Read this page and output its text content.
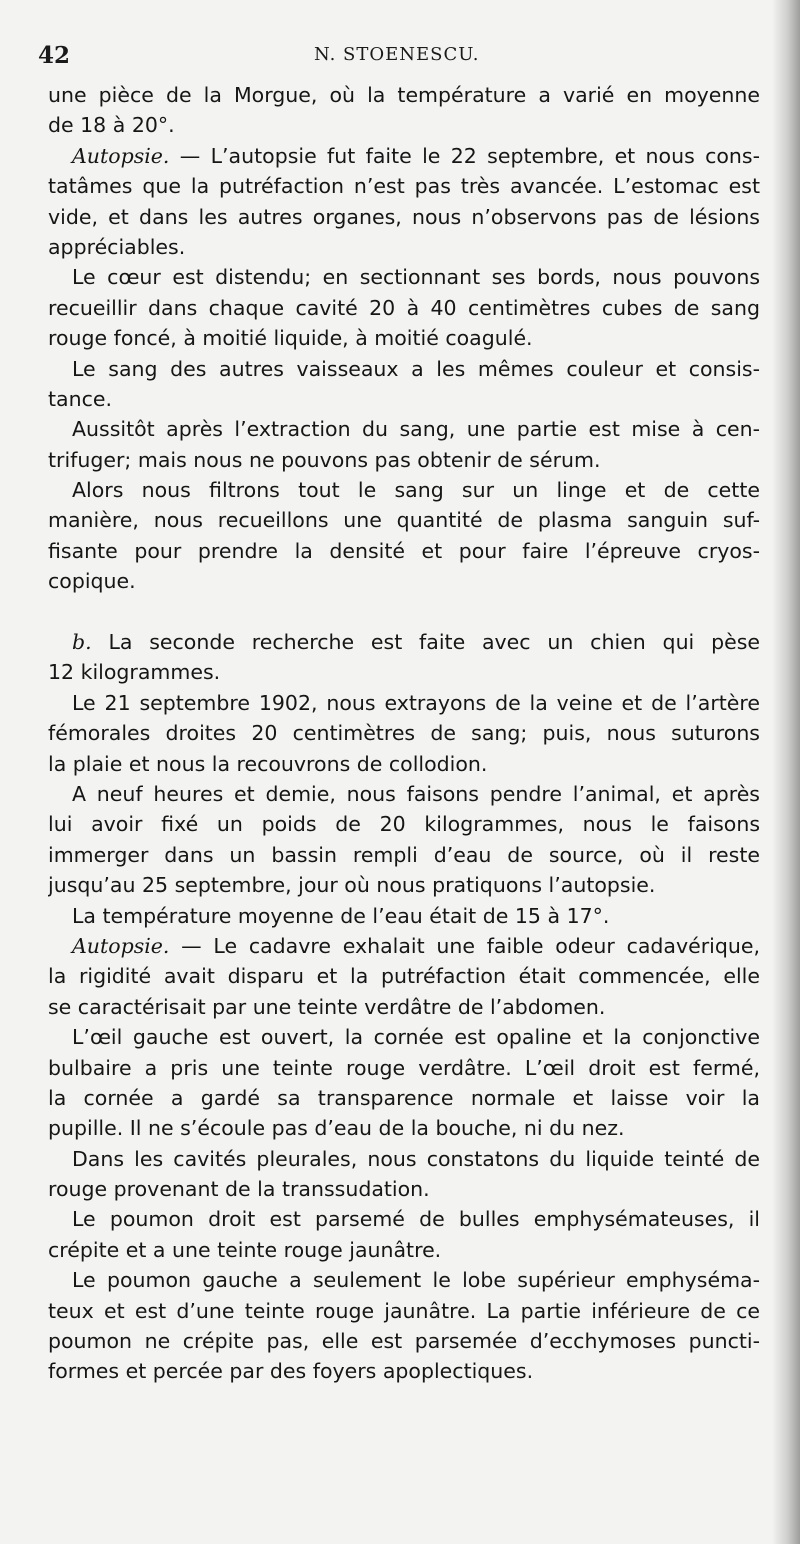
42	N. STOENESCU.
une pièce de la Morgue, où la température a varié en moyenne
de 18 à 20°.
Autopsie. — L’autopsie fut faite le 22 septembre, et nous cons-
tatâmes que la putréfaction n’est pas très avancée. L’estomac est
vide, et dans les autres organes, nous n’observons pas de lésions
appréciables.
Le cœur est distendu; en sectionnant ses bords, nous pouvons
recueillir dans chaque cavité 20 à 40 centimètres cubes de sang
rouge foncé, à moitié liquide, à moitié coagulé.
Le sang des autres vaisseaux a les mêmes couleur et consis-
tance.
Aussitôt après l’extraction du sang, une partie est mise à cen-
trifuger; mais nous ne pouvons pas obtenir de sérum.
Alors nous filtrons tout le sang sur un linge et de cette
manière, nous recueillons une quantité de plasma sanguin suf-
fisante pour prendre la densité et pour faire l’épreuve cryos-
copique.
b. La seconde recherche est faite avec un chien qui pèse
12 kilogrammes.
Le 21 septembre 1902, nous extrayons de la veine et de l’artère
fémorales droites 20 centimètres de sang; puis, nous suturons
la plaie et nous la recouvrons de collodion.
A neuf heures et demie, nous faisons pendre l’animal, et après
lui avoir fixé un poids de 20 kilogrammes, nous le faisons
immerger dans un bassin rempli d’eau de source, où il reste
jusqu’au 25 septembre, jour où nous pratiquons l’autopsie.
La température moyenne de l’eau était de 15 à 17°.
Autopsie. — Le cadavre exhalait une faible odeur cadavérique,
la rigidité avait disparu et la putréfaction était commencée, elle
se caractérisait par une teinte verdâtre de l’abdomen.
L’œil gauche est ouvert, la cornée est opaline et la conjonctive
bulbaire a pris une teinte rouge verdâtre. L’œil droit est fermé,
la cornée a gardé sa transparence normale et laisse voir la
pupille. Il ne s’écoule pas d’eau de la bouche, ni du nez.
Dans les cavités pleurales, nous constatons du liquide teinté de
rouge provenant de la transsudation.
Le poumon droit est parsemé de bulles emphysémateuses, il
crépite et a une teinte rouge jaunâtre.
Le poumon gauche a seulement le lobe supérieur emphyséma-
teux et est d’une teinte rouge jaunâtre. La partie inférieure de ce
poumon ne crépite pas, elle est parsemée d’ecchymoses puncti-
formes et percée par des foyers apoplectiques.
